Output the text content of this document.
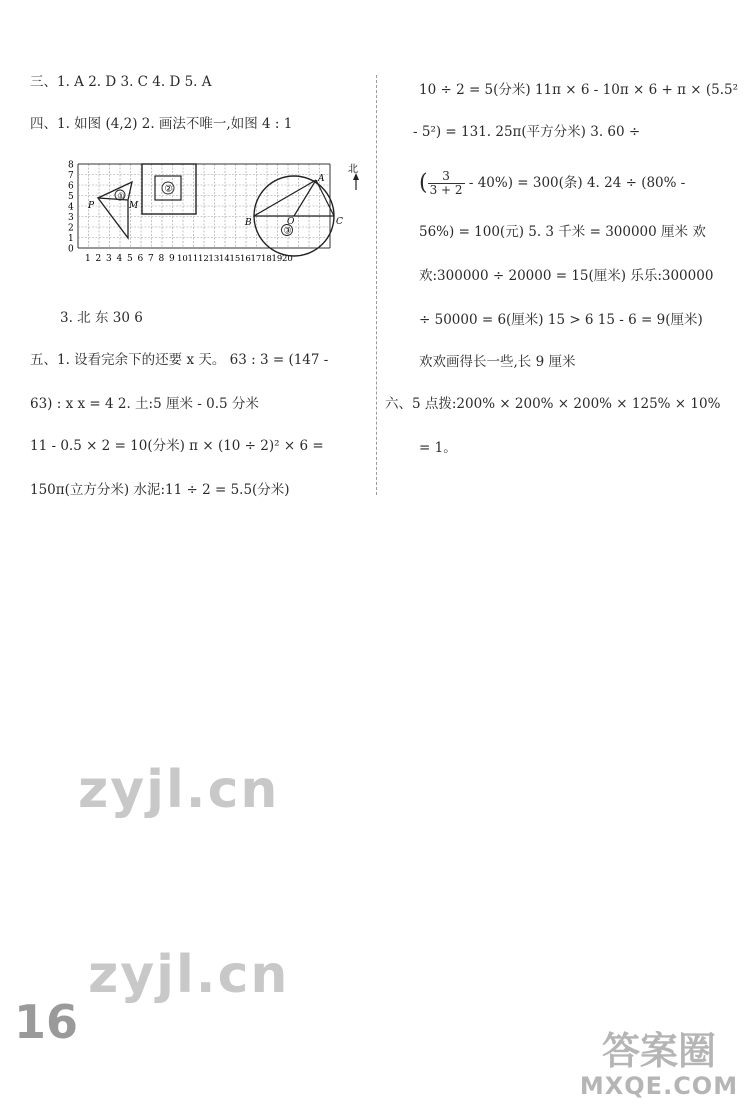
三、1. A 2. D 3. C 4. D 5. A
四、1. 如图 (4,2) 2. 画法不唯一,如图 4 : 1
8
7
6
5
4
3
2
1
0
1 2 3 4 5 6 7 8 9 10 11 12 13 14 15 16 17 18 19 20
①
P	M
②
③
B	O
A
C
北
3. 北 东 30 6
五、1. 设看完余下的还要 x 天。 63 : 3 = (147 -
63) : x x = 4 2. 土:5 厘米 - 0.5 分米
11 - 0.5 × 2 = 10(分米) π × (10 ÷ 2)² × 6 =
150π(立方分米) 水泥:11 ÷ 2 = 5.5(分米)
10 ÷ 2 = 5(分米) 11π × 6 - 10π × 6 + π × (5.5²
- 5²) = 131. 25π(平方分米) 3. 60 ÷
( $\frac{3}{3 + 2} - 40\%) = 300$(条) 4. 24 ÷ (80% -
56%) = 100(元) 5. 3 千米 = 300000 厘米 欢
欢:300000 ÷ 20000 = 15(厘米) 乐乐:300000
÷ 50000 = 6(厘米) 15 > 6 15 - 6 = 9(厘米)
欢欢画得长一些,长 9 厘米
六、5 点拨:200% × 200% × 200% × 125% × 10%
= 1。
zyjl.cn
zyjl.cn
16
答案圈
MXQE.COM
